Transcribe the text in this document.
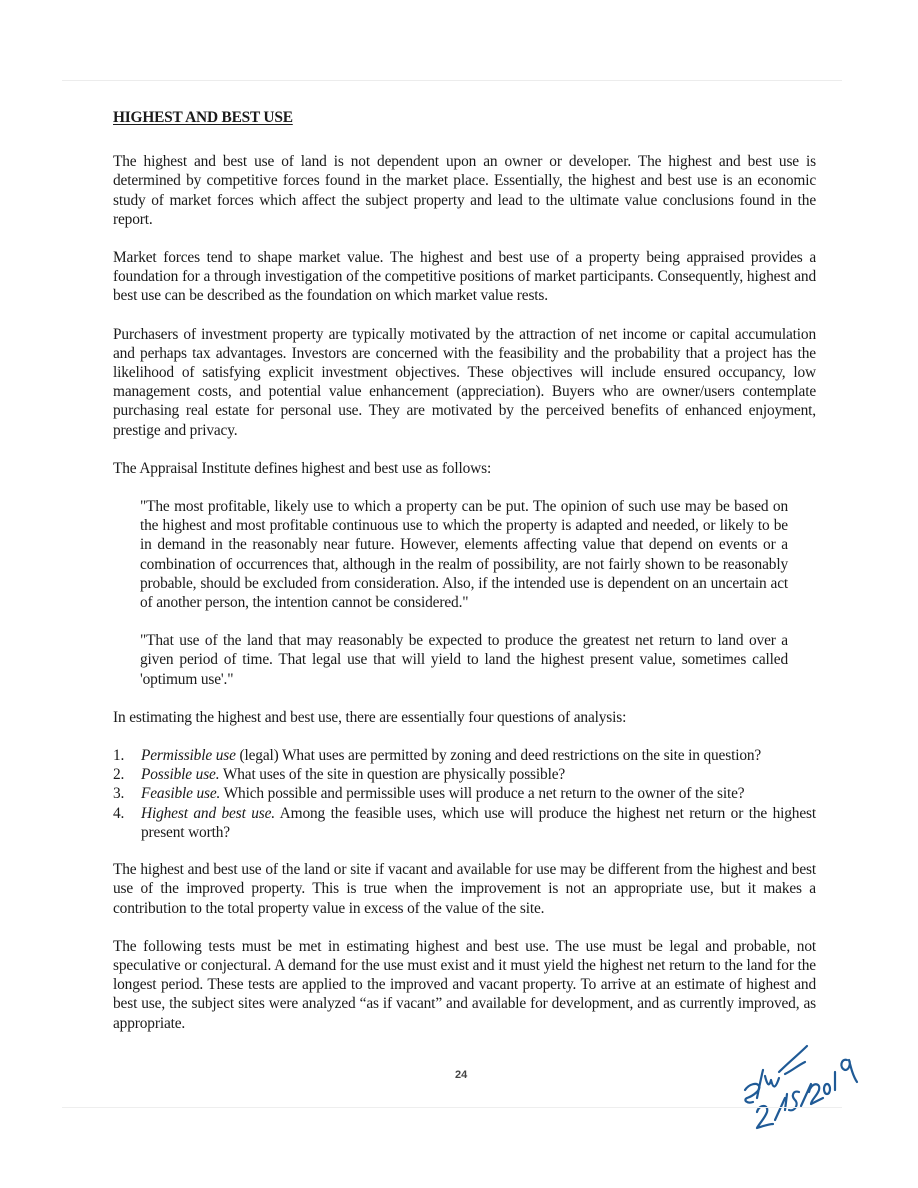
HIGHEST AND BEST USE

The highest and best use of land is not dependent upon an owner or developer. The highest and best use is determined by competitive forces found in the market place. Essentially, the highest and best use is an economic study of market forces which affect the subject property and lead to the ultimate value conclusions found in the report.

Market forces tend to shape market value. The highest and best use of a property being appraised provides a foundation for a through investigation of the competitive positions of market participants. Consequently, highest and best use can be described as the foundation on which market value rests.

Purchasers of investment property are typically motivated by the attraction of net income or capital accumulation and perhaps tax advantages. Investors are concerned with the feasibility and the probability that a project has the likelihood of satisfying explicit investment objectives. These objectives will include ensured occupancy, low management costs, and potential value enhancement (appreciation). Buyers who are owner/users contemplate purchasing real estate for personal use. They are motivated by the perceived benefits of enhanced enjoyment, prestige and privacy.

The Appraisal Institute defines highest and best use as follows:

"The most profitable, likely use to which a property can be put. The opinion of such use may be based on the highest and most profitable continuous use to which the property is adapted and needed, or likely to be in demand in the reasonably near future. However, elements affecting value that depend on events or a combination of occurrences that, although in the realm of possibility, are not fairly shown to be reasonably probable, should be excluded from consideration. Also, if the intended use is dependent on an uncertain act of another person, the intention cannot be considered."
"That use of the land that may reasonably be expected to produce the greatest net return to land over a given period of time. That legal use that will yield to land the highest present value, sometimes called 'optimum use'."

In estimating the highest and best use, there are essentially four questions of analysis:

1.	Permissible use (legal) What uses are permitted by zoning and deed restrictions on the site in question?
2.	Possible use. What uses of the site in question are physically possible?
3.	Feasible use. Which possible and permissible uses will produce a net return to the owner of the site?
4.	Highest and best use. Among the feasible uses, which use will produce the highest net return or the highest present worth?

The highest and best use of the land or site if vacant and available for use may be different from the highest and best use of the improved property. This is true when the improvement is not an appropriate use, but it makes a contribution to the total property value in excess of the value of the site.

The following tests must be met in estimating highest and best use. The use must be legal and probable, not speculative or conjectural. A demand for the use must exist and it must yield the highest net return to the land for the longest period. These tests are applied to the improved and vacant property. To arrive at an estimate of highest and best use, the subject sites were analyzed “as if vacant” and available for development, and as currently improved, as appropriate.

24
